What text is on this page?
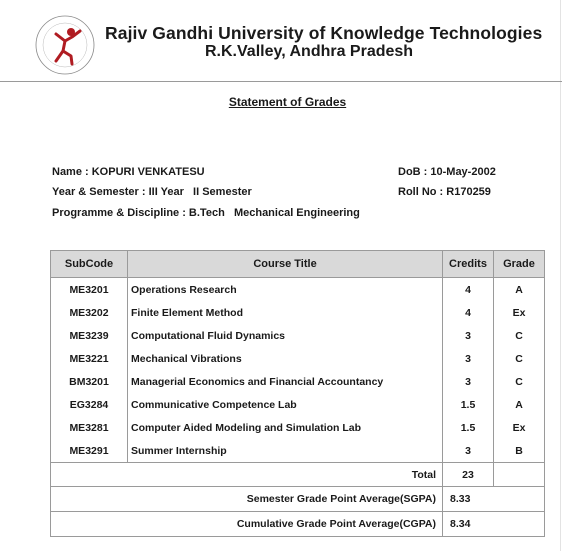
Rajiv Gandhi University of Knowledge Technologies
R.K.Valley, Andhra Pradesh
Statement of Grades
Name : KOPURI VENKATESU	DoB : 10-May-2002
Year & Semester : III Year   II Semester	Roll No : R170259
Programme & Discipline : B.Tech   Mechanical Engineering
SubCode	Course Title	Credits	Grade
ME3201	Operations Research	4	A
ME3202	Finite Element Method	4	Ex
ME3239	Computational Fluid Dynamics	3	C
ME3221	Mechanical Vibrations	3	C
BM3201	Managerial Economics and Financial Accountancy	3	C
EG3284	Communicative Competence Lab	1.5	A
ME3281	Computer Aided Modeling and Simulation Lab	1.5	Ex
ME3291	Summer Internship	3	B
Total		23	
Semester Grade Point Average(SGPA)		8.33	
Cumulative Grade Point Average(CGPA)		8.34	
